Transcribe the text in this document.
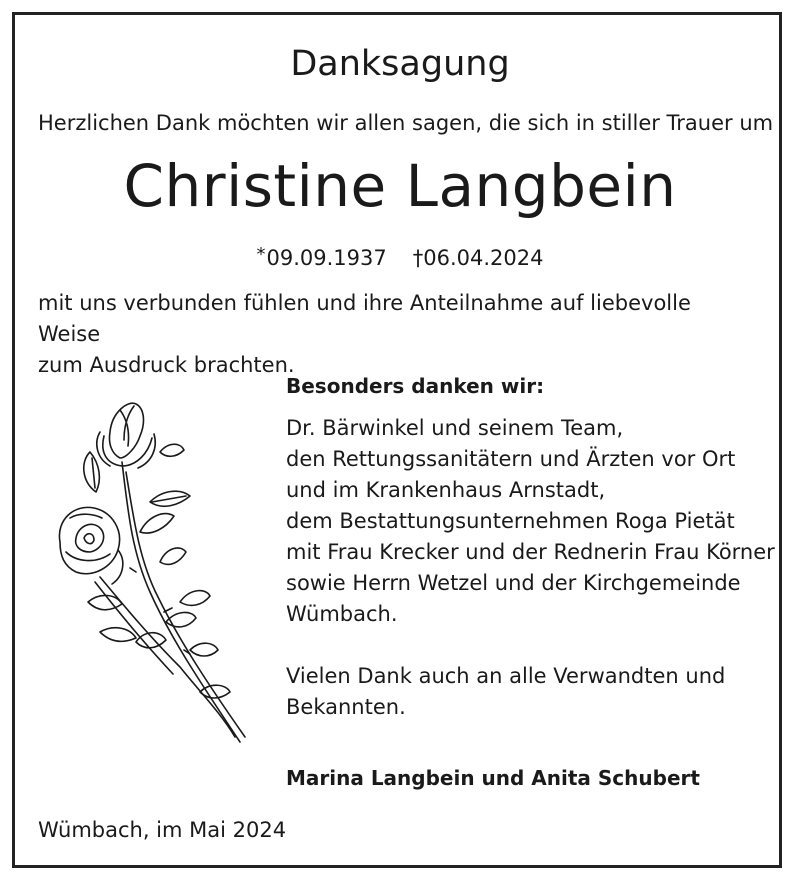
Danksagung
Herzlichen Dank möchten wir allen sagen, die sich in stiller Trauer um
Christine Langbein
*09.09.1937 †06.04.2024
mit uns verbunden fühlen und ihre Anteilnahme auf liebevolle Weise
zum Ausdruck brachten.
Besonders danken wir:
Dr. Bärwinkel und seinem Team,
den Rettungssanitätern und Ärzten vor Ort
und im Krankenhaus Arnstadt,
dem Bestattungsunternehmen Roga Pietät
mit Frau Krecker und der Rednerin Frau Körner
sowie Herrn Wetzel und der Kirchgemeinde
Wümbach.
Vielen Dank auch an alle Verwandten und
Bekannten.
Marina Langbein und Anita Schubert
Wümbach, im Mai 2024
